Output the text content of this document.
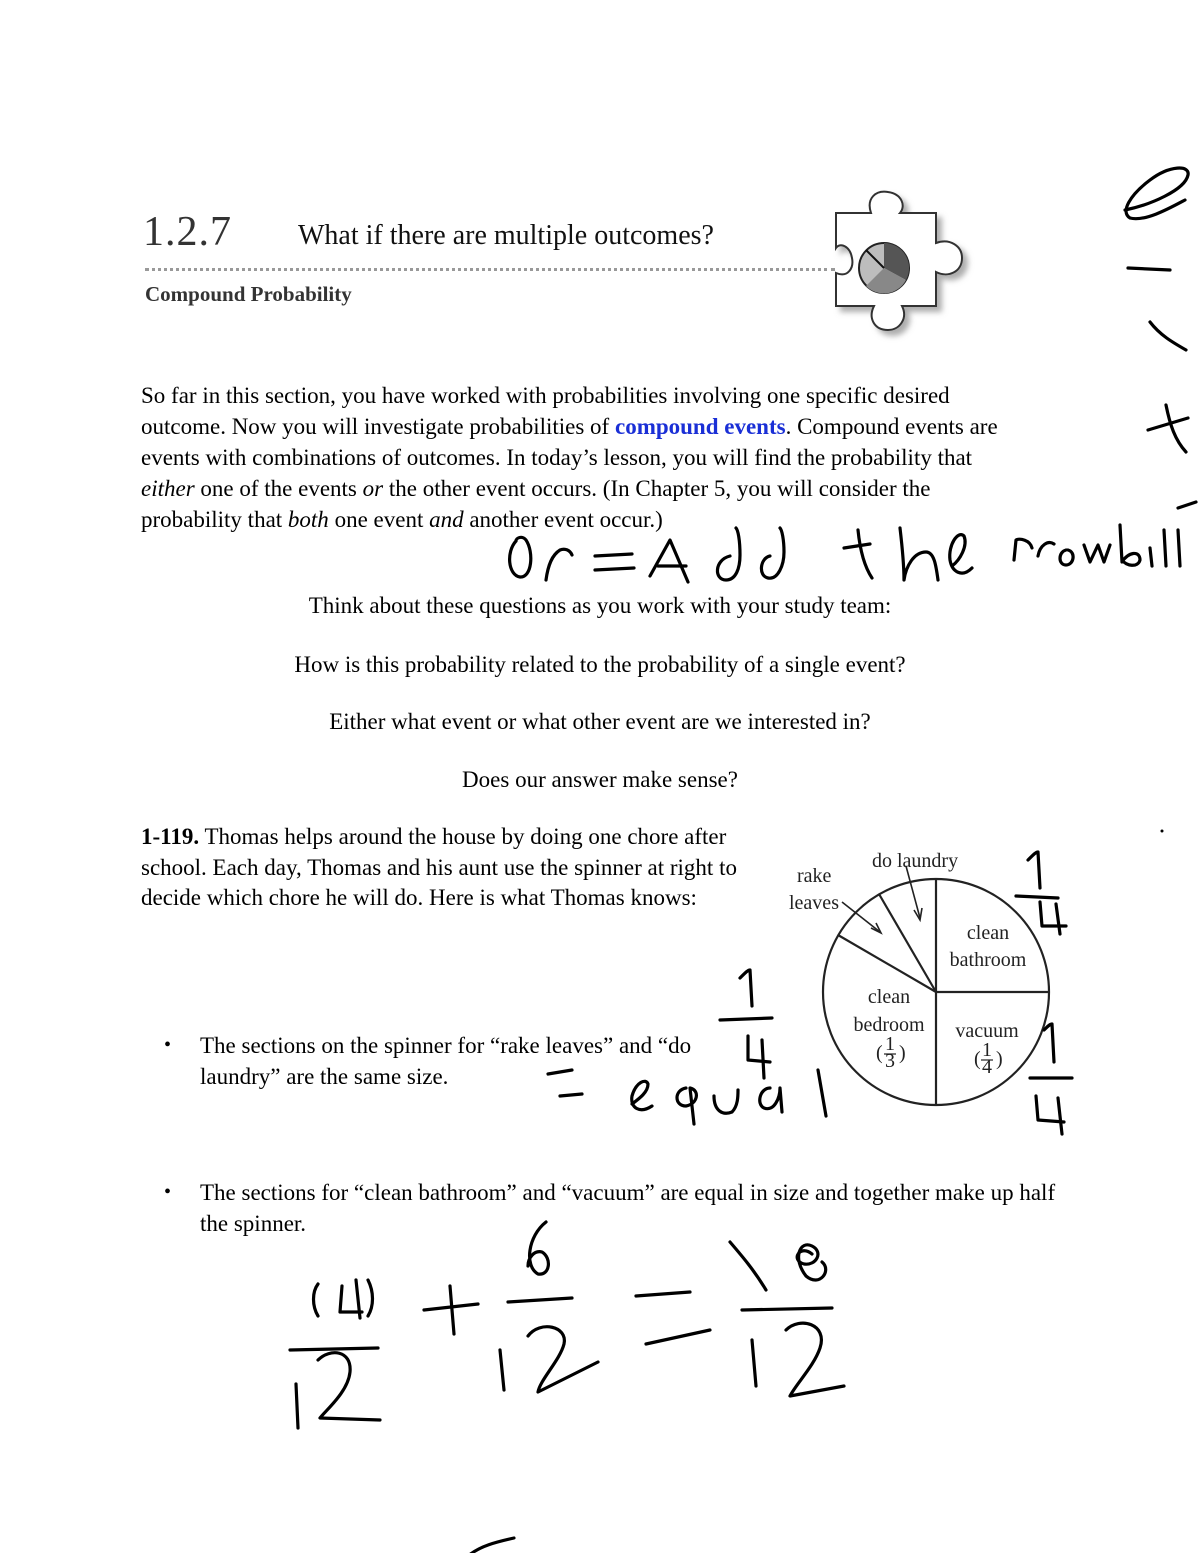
1.2.7 What if there are multiple outcomes?
Compound Probability
So far in this section, you have worked with probabilities involving one specific desired outcome. Now you will investigate probabilities of compound events. Compound events are events with combinations of outcomes. In today’s lesson, you will find the probability that either one of the events or the other event occurs. (In Chapter 5, you will consider the probability that both one event and another event occur.)
Think about these questions as you work with your study team:
How is this probability related to the probability of a single event?
Either what event or what other event are we interested in?
Does our answer make sense?
1-119. Thomas helps around the house by doing one chore after school. Each day, Thomas and his aunt use the spinner at right to decide which chore he will do. Here is what Thomas knows:
• The sections on the spinner for “rake leaves” and “do laundry” are the same size.
• The sections for “clean bathroom” and “vacuum” are equal in size and together make up half the spinner.
do laundry
rake
leaves
clean
bathroom
clean
bedroom
( 1
3 )
vacuum
( 1
4 )
